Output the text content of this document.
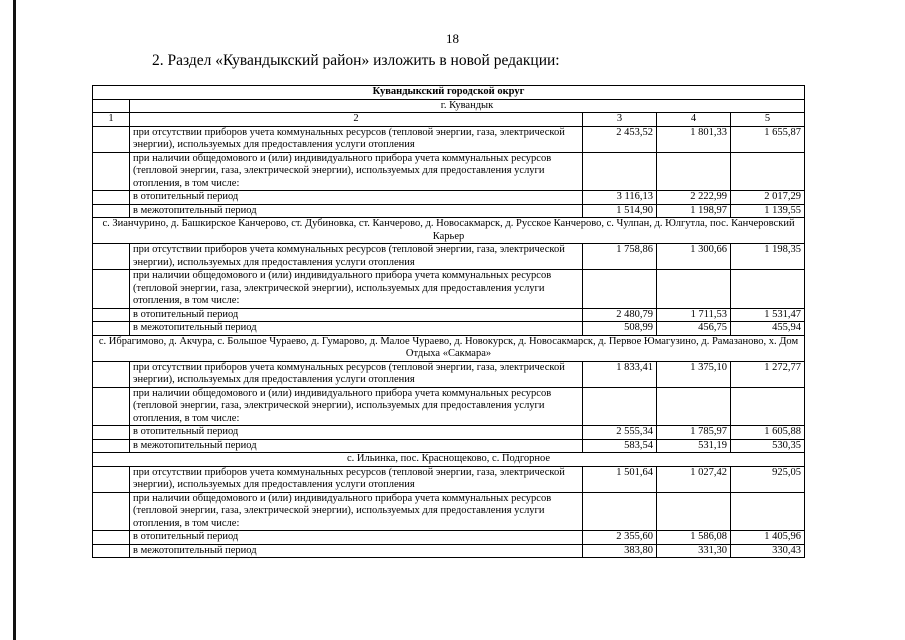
18
2. Раздел «Кувандыкский район» изложить в новой редакции:
Кувандыкский городской округ				
	г. Кувандык			
1	2	3	4	5
	при отсутствии приборов учета коммунальных ресурсов (тепловой энергии, газа, электрической энергии), используемых для предоставления услуги отопления	2 453,52	1 801,33	1 655,87
	при наличии общедомового и (или) индивидуального прибора учета коммунальных ресурсов (тепловой энергии, газа, электрической энергии), используемых для предоставления услуги отопления, в том числе:			
	в отопительный период	3 116,13	2 222,99	2 017,29
	в межотопительный период	1 514,90	1 198,97	1 139,55
с. Зианчурино, д. Башкирское Канчерово, ст. Дубиновка, ст. Канчерово, д. Новосакмарск, д. Русское Канчерово, с. Чулпан, д. Юлгутла, пос. Канчеровский Карьер				
	при отсутствии приборов учета коммунальных ресурсов (тепловой энергии, газа, электрической энергии), используемых для предоставления услуги отопления	1 758,86	1 300,66	1 198,35
	при наличии общедомового и (или) индивидуального прибора учета коммунальных ресурсов (тепловой энергии, газа, электрической энергии), используемых для предоставления услуги отопления, в том числе:			
	в отопительный период	2 480,79	1 711,53	1 531,47
	в межотопительный период	508,99	456,75	455,94
с. Ибрагимово, д. Акчура, с. Большое Чураево, д. Гумарово, д. Малое Чураево, д. Новокурск, д. Новосакмарск, д. Первое Юмагузино, д. Рамазаново, х. Дом Отдыха «Сакмара»				
	при отсутствии приборов учета коммунальных ресурсов (тепловой энергии, газа, электрической энергии), используемых для предоставления услуги отопления	1 833,41	1 375,10	1 272,77
	при наличии общедомового и (или) индивидуального прибора учета коммунальных ресурсов (тепловой энергии, газа, электрической энергии), используемых для предоставления услуги отопления, в том числе:			
	в отопительный период	2 555,34	1 785,97	1 605,88
	в межотопительный период	583,54	531,19	530,35
с. Ильинка, пос. Краснощеково, с. Подгорное				
	при отсутствии приборов учета коммунальных ресурсов (тепловой энергии, газа, электрической энергии), используемых для предоставления услуги отопления	1 501,64	1 027,42	925,05
	при наличии общедомового и (или) индивидуального прибора учета коммунальных ресурсов (тепловой энергии, газа, электрической энергии), используемых для предоставления услуги отопления, в том числе:			
	в отопительный период	2 355,60	1 586,08	1 405,96
	в межотопительный период	383,80	331,30	330,43
